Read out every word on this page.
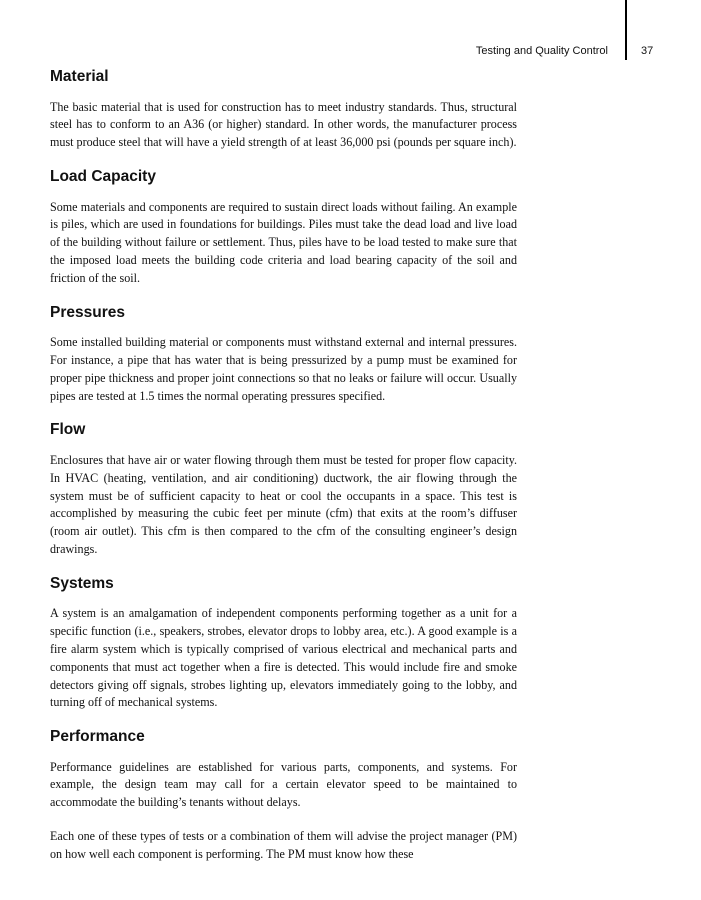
Testing and Quality Control	37
Material

The basic material that is used for construction has to meet industry standards. Thus, structural steel has to conform to an A36 (or higher) standard. In other words, the manufacturer process must produce steel that will have a yield strength of at least 36,000 psi (pounds per square inch).

Load Capacity

Some materials and components are required to sustain direct loads without failing. An example is piles, which are used in foundations for buildings. Piles must take the dead load and live load of the building without failure or settlement. Thus, piles have to be load tested to make sure that the imposed load meets the building code criteria and load bearing capacity of the soil and friction of the soil.

Pressures

Some installed building material or components must withstand external and internal pressures. For instance, a pipe that has water that is being pressurized by a pump must be examined for proper pipe thickness and proper joint connections so that no leaks or failure will occur. Usually pipes are tested at 1.5 times the normal operating pressures specified.

Flow

Enclosures that have air or water flowing through them must be tested for proper flow capacity. In HVAC (heating, ventilation, and air conditioning) ductwork, the air flowing through the system must be of sufficient capacity to heat or cool the occupants in a space. This test is accomplished by measuring the cubic feet per minute (cfm) that exits at the room’s diffuser (room air outlet). This cfm is then compared to the cfm of the consulting engineer’s design drawings.

Systems

A system is an amalgamation of independent components performing together as a unit for a specific function (i.e., speakers, strobes, elevator drops to lobby area, etc.). A good example is a fire alarm system which is typically comprised of various electrical and mechanical parts and components that must act together when a fire is detected. This would include fire and smoke detectors giving off signals, strobes lighting up, elevators immediately going to the lobby, and turning off of mechanical systems.

Performance

Performance guidelines are established for various parts, components, and systems. For example, the design team may call for a certain elevator speed to be maintained to accommodate the building’s tenants without delays.

Each one of these types of tests or a combination of them will advise the project manager (PM) on how well each component is performing. The PM must know how these
